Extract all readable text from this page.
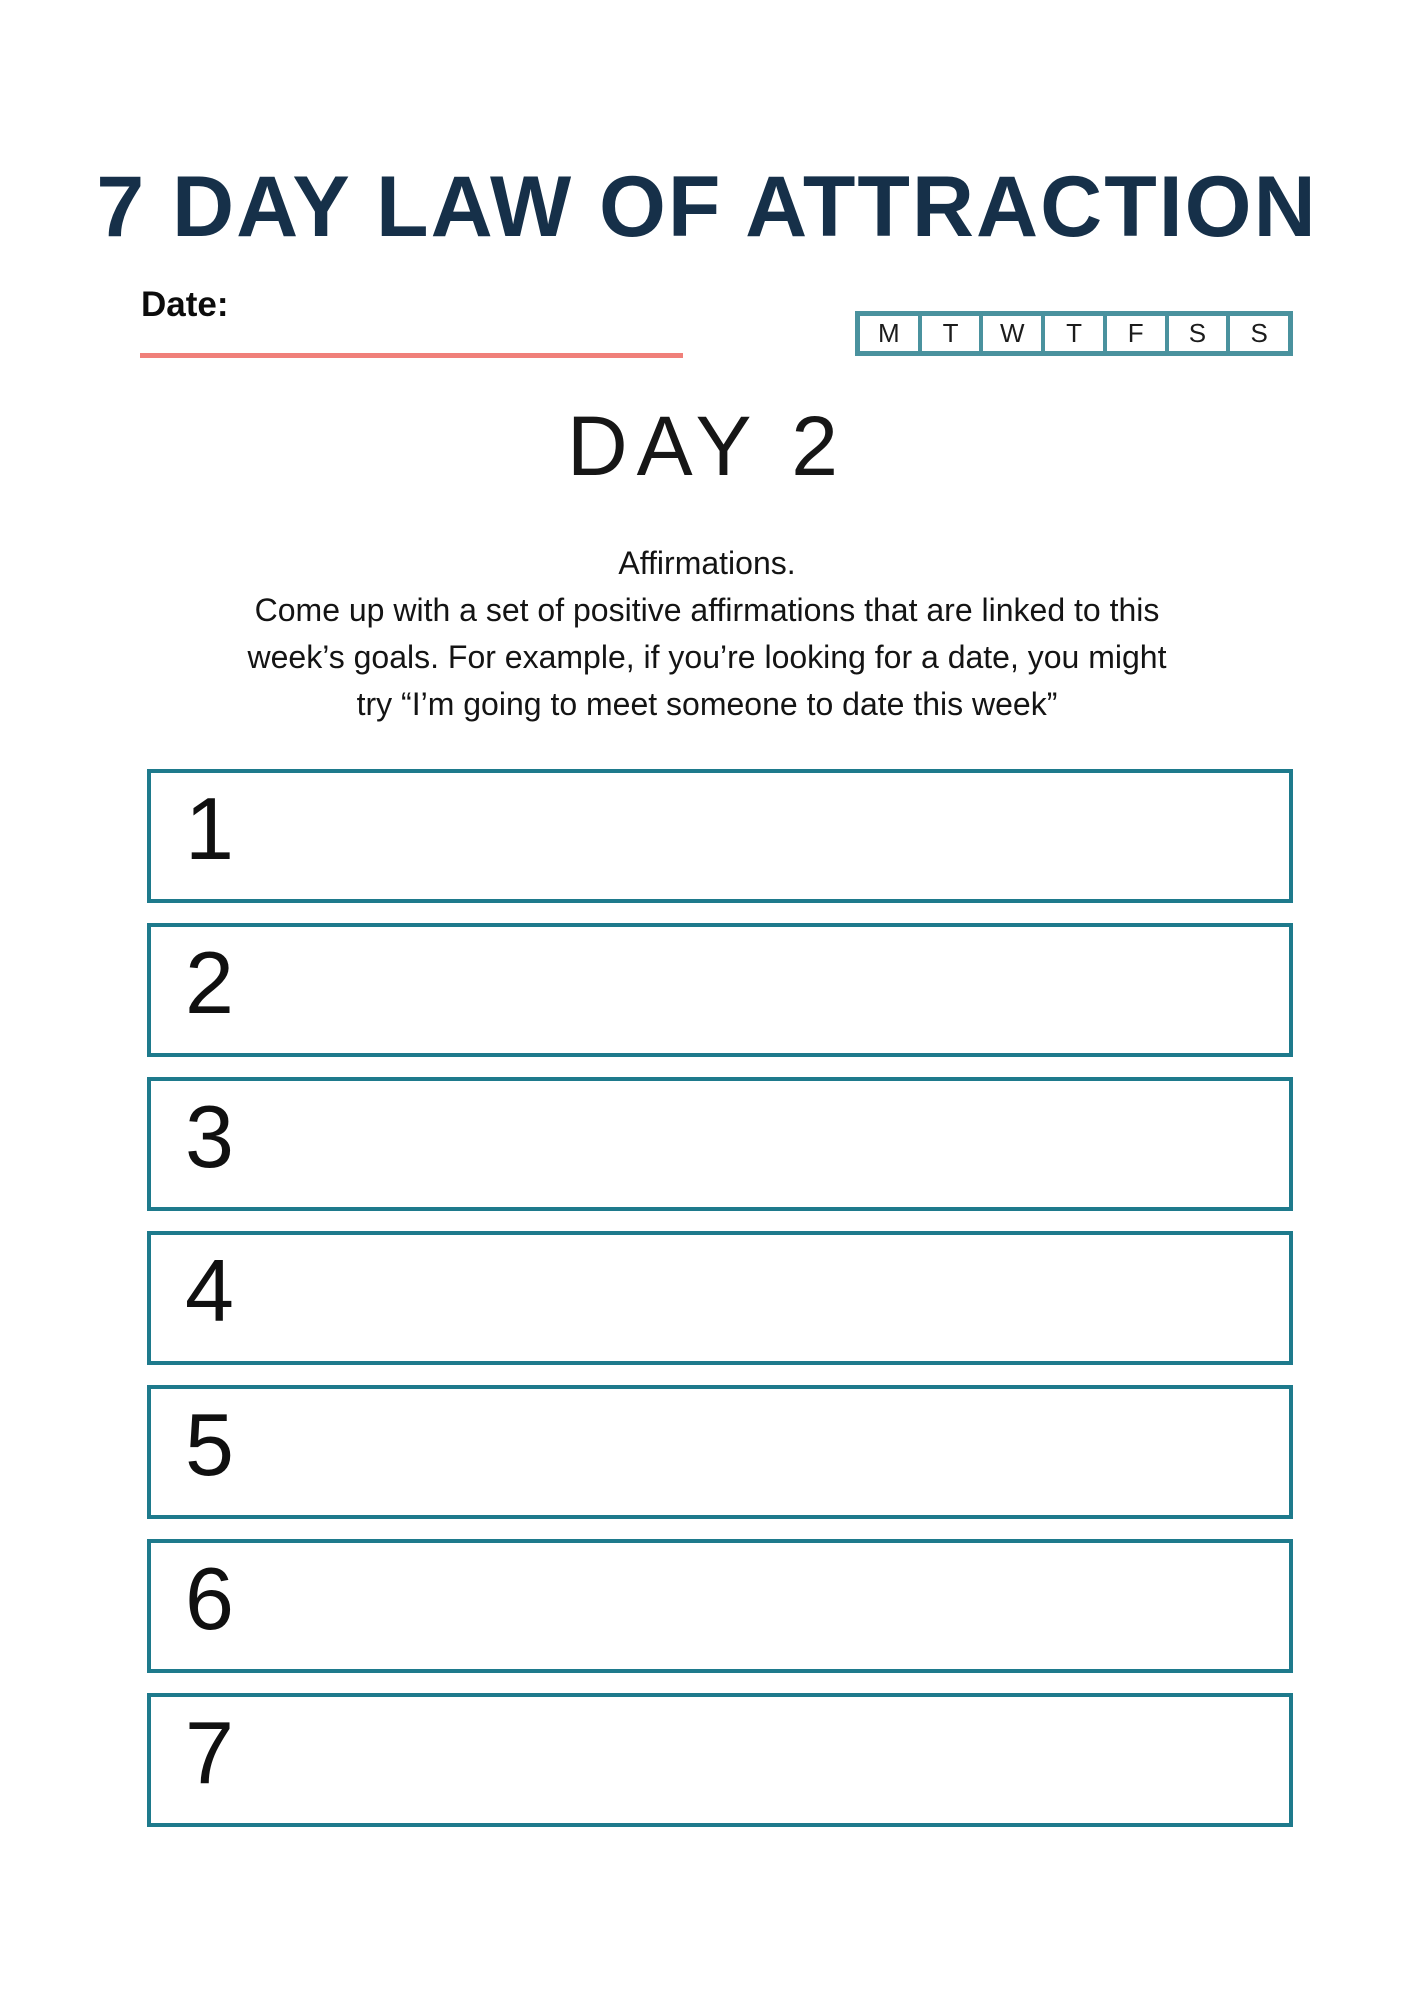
7 DAY LAW OF ATTRACTION
Date:
M	T	W	T	F	S	S
DAY 2
Affirmations.
Come up with a set of positive affirmations that are linked to this
week’s goals. For example, if you’re looking for a date, you might
try “I’m going to meet someone to date this week”
1
2
3
4
5
6
7
